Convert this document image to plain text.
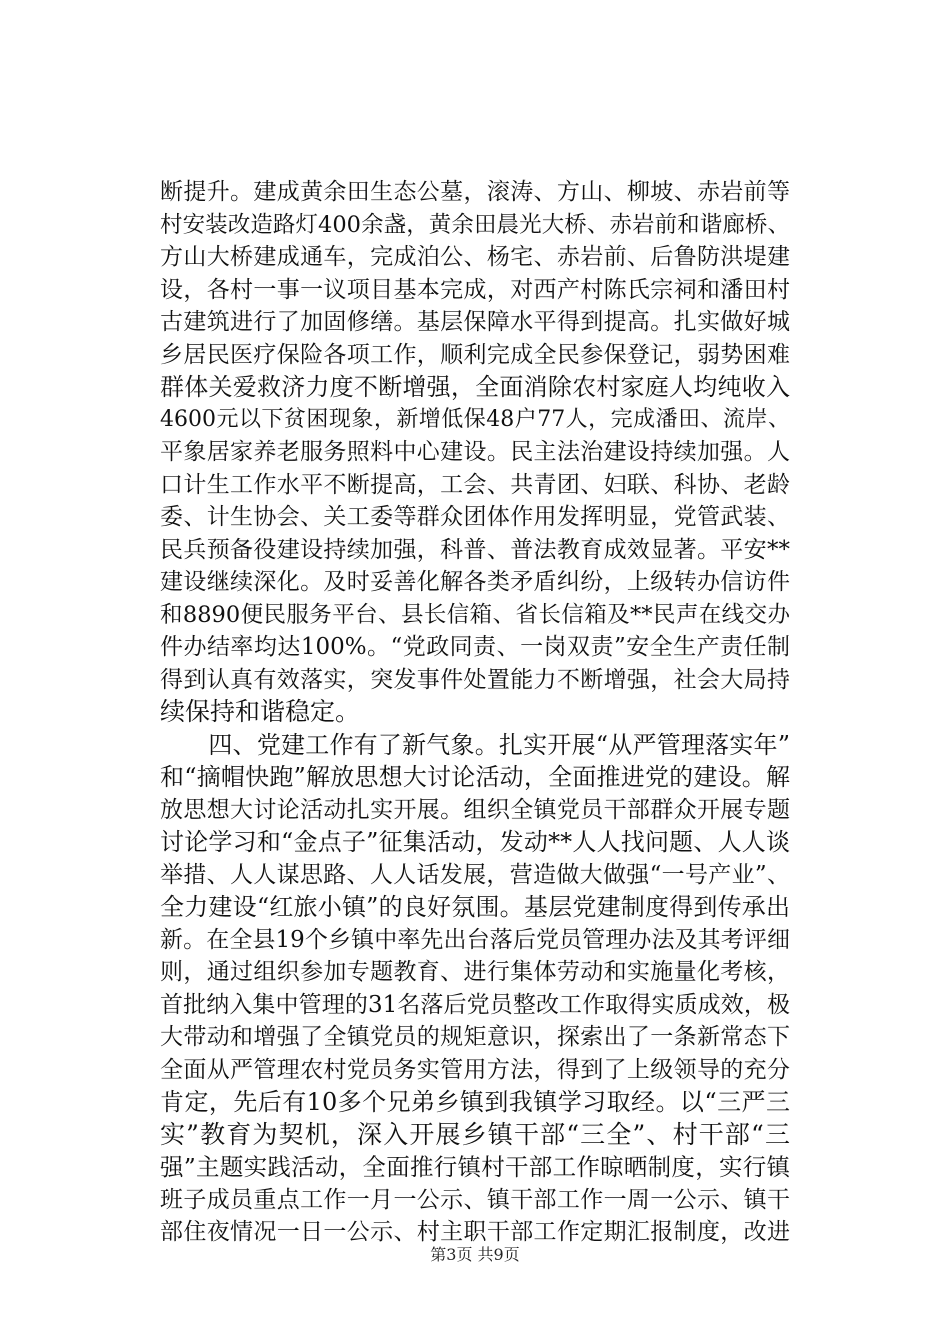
断提升。建成黄余田生态公墓，滚涛、方山、柳坡、赤岩前等
村安装改造路灯400余盏，黄余田晨光大桥、赤岩前和谐廊桥、
方山大桥建成通车，完成泊公、杨宅、赤岩前、后鲁防洪堤建
设，各村一事一议项目基本完成，对西产村陈氏宗祠和潘田村
古建筑进行了加固修缮。基层保障水平得到提高。扎实做好城
乡居民医疗保险各项工作，顺利完成全民参保登记，弱势困难
群体关爱救济力度不断增强，全面消除农村家庭人均纯收入
4600元以下贫困现象，新增低保48户77人，完成潘田、流岸、
平象居家养老服务照料中心建设。民主法治建设持续加强。人
口计生工作水平不断提高，工会、共青团、妇联、科协、老龄
委、计生协会、关工委等群众团体作用发挥明显，党管武装、
民兵预备役建设持续加强，科普、普法教育成效显著。平安**
建设继续深化。及时妥善化解各类矛盾纠纷，上级转办信访件
和8890便民服务平台、县长信箱、省长信箱及**民声在线交办
件办结率均达100%。“党政同责、一岗双责”安全生产责任制
得到认真有效落实，突发事件处置能力不断增强，社会大局持
续保持和谐稳定。
　　四、党建工作有了新气象。扎实开展“从严管理落实年”
和“摘帽快跑”解放思想大讨论活动，全面推进党的建设。解
放思想大讨论活动扎实开展。组织全镇党员干部群众开展专题
讨论学习和“金点子”征集活动，发动**人人找问题、人人谈
举措、人人谋思路、人人话发展，营造做大做强“一号产业”、
全力建设“红旅小镇”的良好氛围。基层党建制度得到传承出
新。在全县19个乡镇中率先出台落后党员管理办法及其考评细
则，通过组织参加专题教育、进行集体劳动和实施量化考核，
首批纳入集中管理的31名落后党员整改工作取得实质成效，极
大带动和增强了全镇党员的规矩意识，探索出了一条新常态下
全面从严管理农村党员务实管用方法，得到了上级领导的充分
肯定，先后有10多个兄弟乡镇到我镇学习取经。以“三严三
实”教育为契机，深入开展乡镇干部“三全”、村干部“三
强”主题实践活动，全面推行镇村干部工作晾晒制度，实行镇
班子成员重点工作一月一公示、镇干部工作一周一公示、镇干
部住夜情况一日一公示、村主职干部工作定期汇报制度，改进
第3页 共9页
